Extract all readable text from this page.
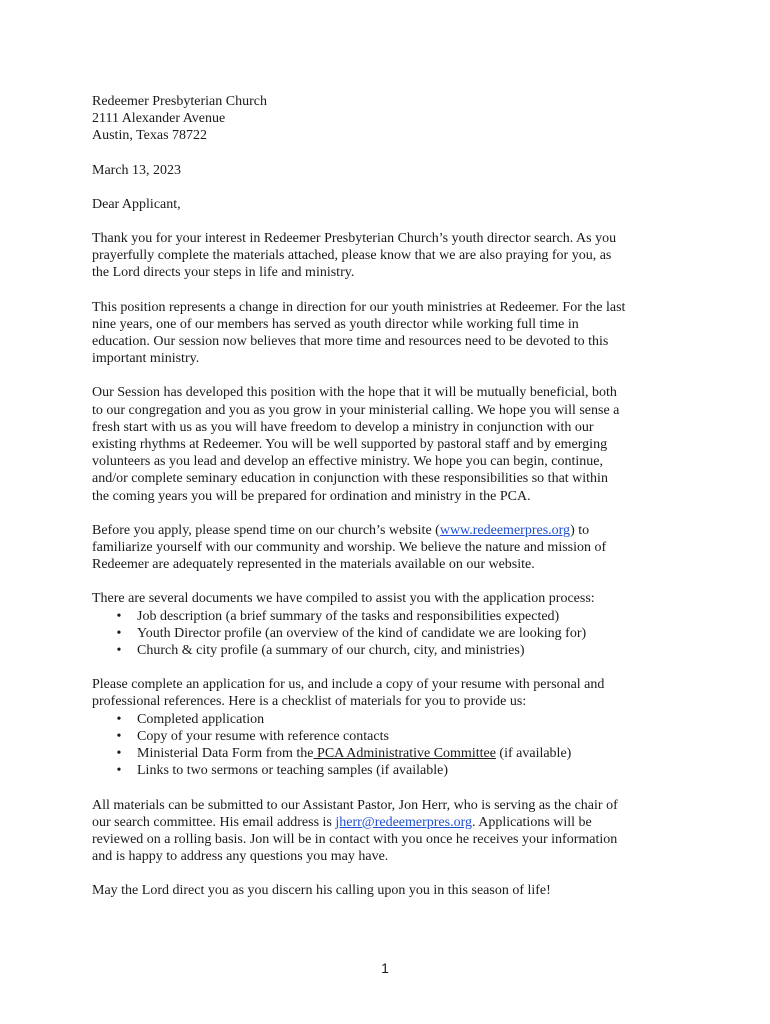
Redeemer Presbyterian Church
2111 Alexander Avenue
Austin, Texas 78722
March 13, 2023
Dear Applicant,
Thank you for your interest in Redeemer Presbyterian Church’s youth director search. As you
prayerfully complete the materials attached, please know that we are also praying for you, as
the Lord directs your steps in life and ministry.
This position represents a change in direction for our youth ministries at Redeemer. For the last
nine years, one of our members has served as youth director while working full time in
education. Our session now believes that more time and resources need to be devoted to this
important ministry.
Our Session has developed this position with the hope that it will be mutually beneficial, both
to our congregation and you as you grow in your ministerial calling. We hope you will sense a
fresh start with us as you will have freedom to develop a ministry in conjunction with our
existing rhythms at Redeemer. You will be well supported by pastoral staff and by emerging
volunteers as you lead and develop an effective ministry. We hope you can begin, continue,
and/or complete seminary education in conjunction with these responsibilities so that within
the coming years you will be prepared for ordination and ministry in the PCA.
Before you apply, please spend time on our church’s website (www.redeemerpres.org) to
familiarize yourself with our community and worship. We believe the nature and mission of
Redeemer are adequately represented in the materials available on our website.
There are several documents we have compiled to assist you with the application process:
• Job description (a brief summary of the tasks and responsibilities expected)
• Youth Director profile (an overview of the kind of candidate we are looking for)
• Church & city profile (a summary of our church, city, and ministries)
Please complete an application for us, and include a copy of your resume with personal and
professional references. Here is a checklist of materials for you to provide us:
• Completed application
• Copy of your resume with reference contacts
• Ministerial Data Form from the PCA Administrative Committee (if available)
• Links to two sermons or teaching samples (if available)
All materials can be submitted to our Assistant Pastor, Jon Herr, who is serving as the chair of
our search committee. His email address is jherr@redeemerpres.org. Applications will be
reviewed on a rolling basis. Jon will be in contact with you once he receives your information
and is happy to address any questions you may have.
May the Lord direct you as you discern his calling upon you in this season of life!
1
